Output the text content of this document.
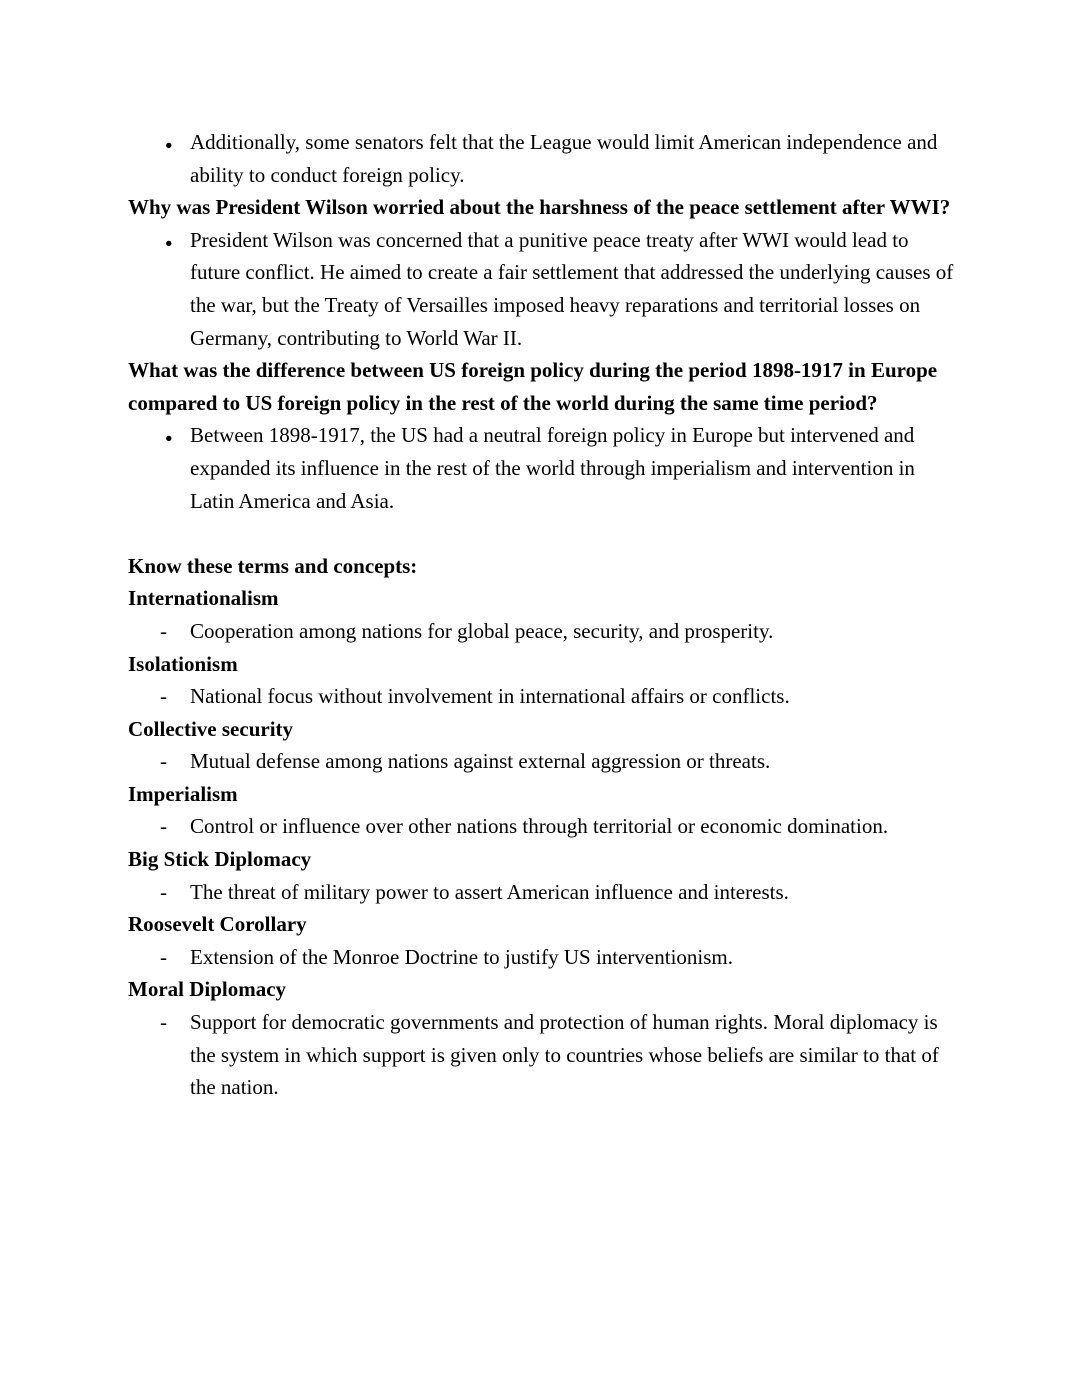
● Additionally, some senators felt that the League would limit American independence and ability to conduct foreign policy.
Why was President Wilson worried about the harshness of the peace settlement after WWI?
● President Wilson was concerned that a punitive peace treaty after WWI would lead to future conflict. He aimed to create a fair settlement that addressed the underlying causes of the war, but the Treaty of Versailles imposed heavy reparations and territorial losses on Germany, contributing to World War II.
What was the difference between US foreign policy during the period 1898-1917 in Europe compared to US foreign policy in the rest of the world during the same time period?
● Between 1898-1917, the US had a neutral foreign policy in Europe but intervened and expanded its influence in the rest of the world through imperialism and intervention in Latin America and Asia.
Know these terms and concepts:
Internationalism
-	Cooperation among nations for global peace, security, and prosperity.
Isolationism
-	National focus without involvement in international affairs or conflicts.
Collective security
-	Mutual defense among nations against external aggression or threats.
Imperialism
-	Control or influence over other nations through territorial or economic domination.
Big Stick Diplomacy
-	The threat of military power to assert American influence and interests.
Roosevelt Corollary
-	Extension of the Monroe Doctrine to justify US interventionism.
Moral Diplomacy
-	Support for democratic governments and protection of human rights. Moral diplomacy is the system in which support is given only to countries whose beliefs are similar to that of the nation.
